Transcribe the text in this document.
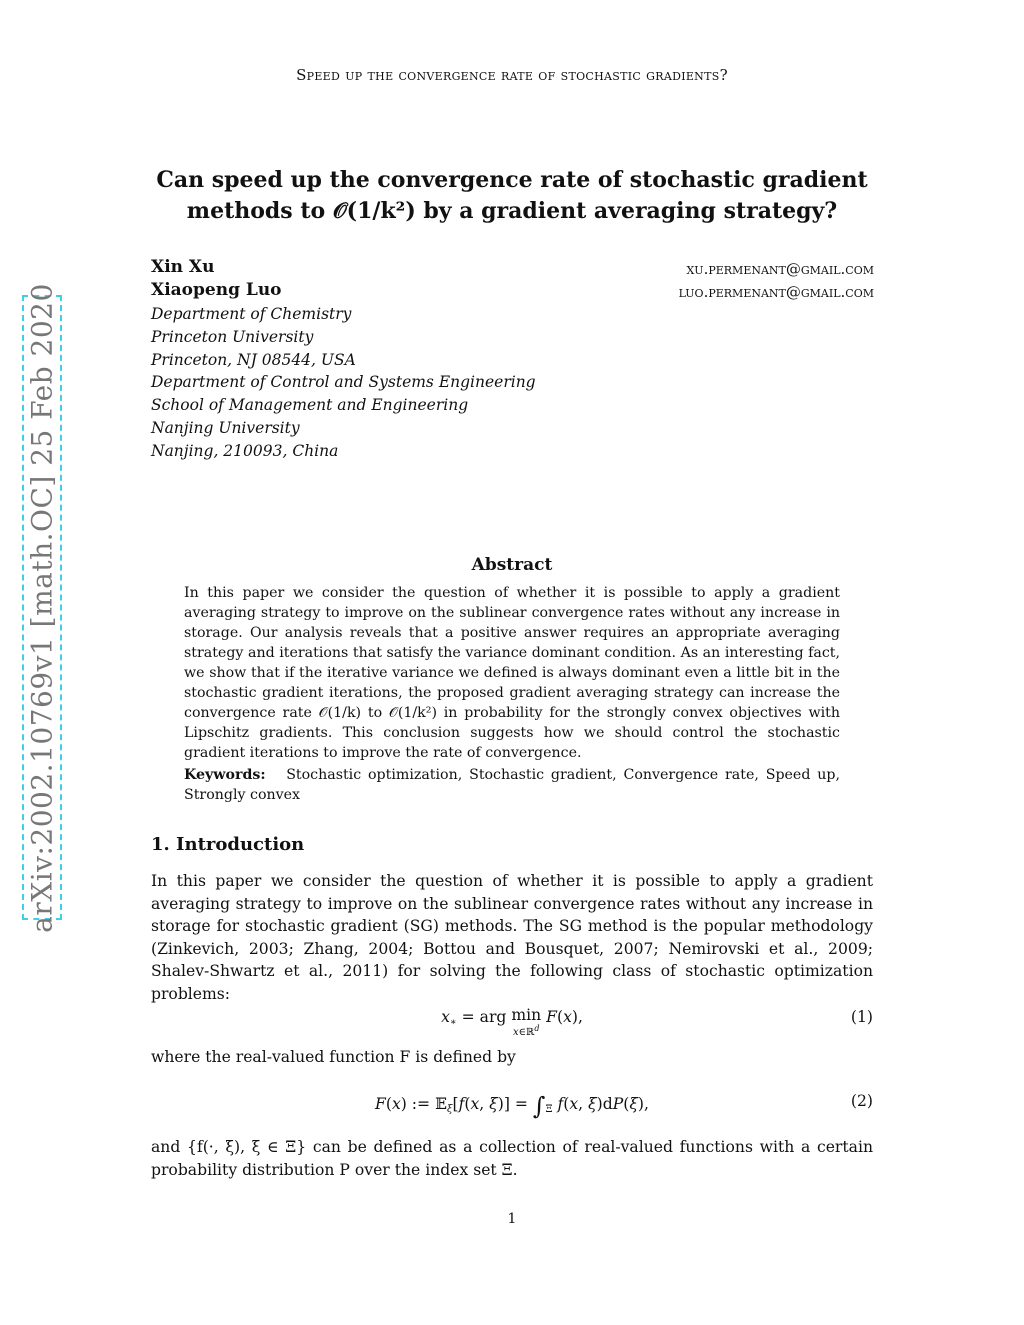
Speed up the convergence rate of stochastic gradients?
arXiv:2002.10769v1 [math.OC] 25 Feb 2020
Can speed up the convergence rate of stochastic gradient
methods to 𝒪(1/k²) by a gradient averaging strategy?
Xin Xu	xu.permenant@gmail.com
Xiaopeng Luo	luo.permenant@gmail.com
Department of Chemistry
Princeton University
Princeton, NJ 08544, USA
Department of Control and Systems Engineering
School of Management and Engineering
Nanjing University
Nanjing, 210093, China
Abstract

In this paper we consider the question of whether it is possible to apply a gradient averaging strategy to improve on the sublinear convergence rates without any increase in storage. Our analysis reveals that a positive answer requires an appropriate averaging strategy and iterations that satisfy the variance dominant condition. As an interesting fact, we show that if the iterative variance we defined is always dominant even a little bit in the stochastic gradient iterations, the proposed gradient averaging strategy can increase the convergence rate 𝒪(1/k) to 𝒪(1/k²) in probability for the strongly convex objectives with Lipschitz gradients. This conclusion suggests how we should control the stochastic gradient iterations to improve the rate of convergence.

Keywords: Stochastic optimization, Stochastic gradient, Convergence rate, Speed up, Strongly convex

1. Introduction
In this paper we consider the question of whether it is possible to apply a gradient averaging strategy to improve on the sublinear convergence rates without any increase in storage for stochastic gradient (SG) methods. The SG method is the popular methodology (Zinkevich, 2003; Zhang, 2004; Bottou and Bousquet, 2007; Nemirovski et al., 2009; Shalev-Shwartz et al., 2011) for solving the following class of stochastic optimization problems:
$x_∗$ = arg min
x∈ℝ$^d$ F(x),	(1)
where the real-valued function F is defined by
F(x) := 𝔼$_\xi$[f(x, $\xi)] = \int_\Xi$ f(x, ξ)dP(ξ),	(2)
and {f(·, ξ), ξ ∈ Ξ} can be defined as a collection of real-valued functions with a certain probability distribution P over the index set Ξ.
1
